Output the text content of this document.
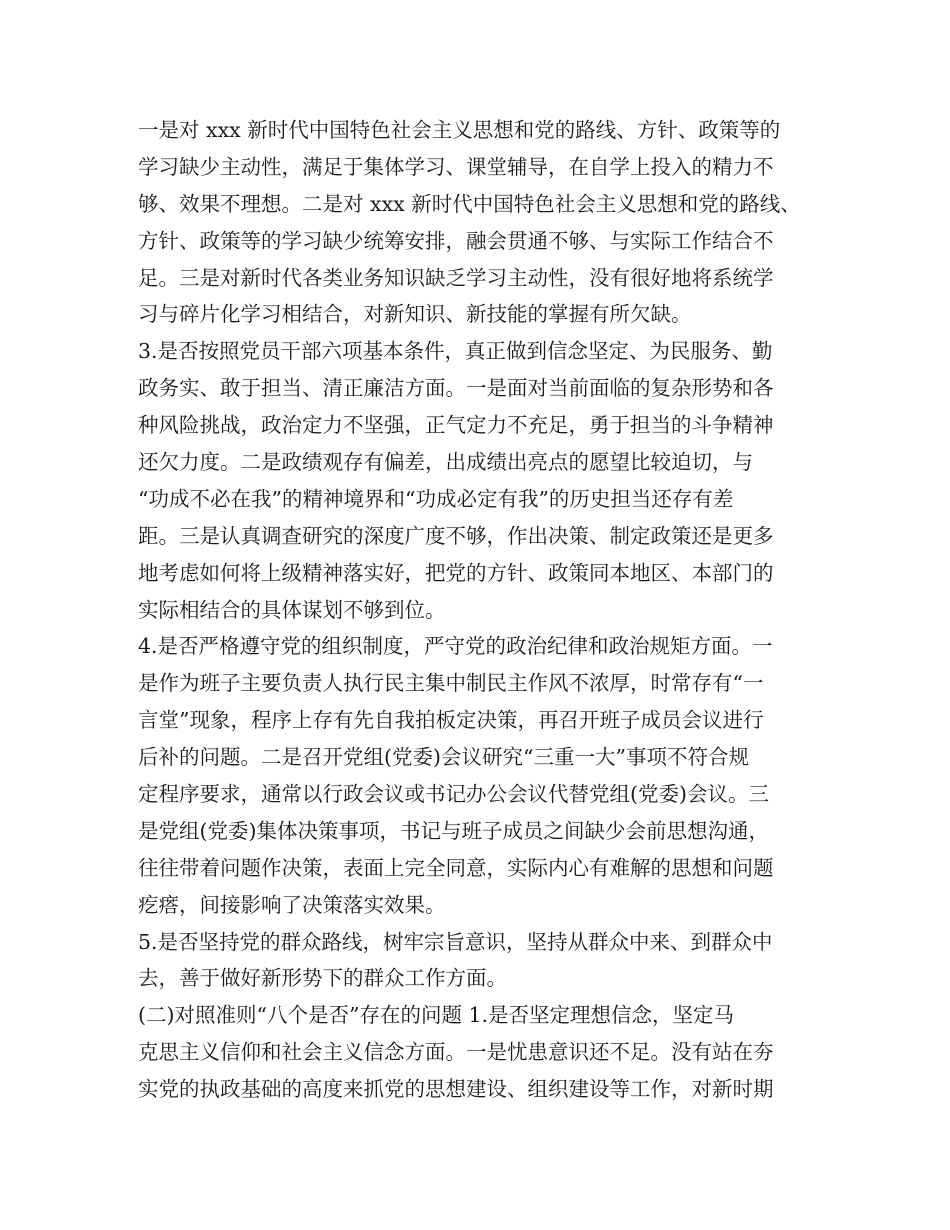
一是对 xxx 新时代中国特色社会主义思想和党的路线、方针、政策等的
学习缺少主动性，满足于集体学习、课堂辅导，在自学上投入的精力不
够、效果不理想。二是对 xxx 新时代中国特色社会主义思想和党的路线、
方针、政策等的学习缺少统筹安排，融会贯通不够、与实际工作结合不
足。三是对新时代各类业务知识缺乏学习主动性，没有很好地将系统学
习与碎片化学习相结合，对新知识、新技能的掌握有所欠缺。
3.是否按照党员干部六项基本条件，真正做到信念坚定、为民服务、勤
政务实、敢于担当、清正廉洁方面。一是面对当前面临的复杂形势和各
种风险挑战，政治定力不坚强，正气定力不充足，勇于担当的斗争精神
还欠力度。二是政绩观存有偏差，出成绩出亮点的愿望比较迫切，与
“功成不必在我”的精神境界和“功成必定有我”的历史担当还存有差
距。三是认真调查研究的深度广度不够，作出决策、制定政策还是更多
地考虑如何将上级精神落实好，把党的方针、政策同本地区、本部门的
实际相结合的具体谋划不够到位。
4.是否严格遵守党的组织制度，严守党的政治纪律和政治规矩方面。一
是作为班子主要负责人执行民主集中制民主作风不浓厚，时常存有“一
言堂”现象，程序上存有先自我拍板定决策，再召开班子成员会议进行
后补的问题。二是召开党组(党委)会议研究“三重一大”事项不符合规
定程序要求，通常以行政会议或书记办公会议代替党组(党委)会议。三
是党组(党委)集体决策事项，书记与班子成员之间缺少会前思想沟通，
往往带着问题作决策，表面上完全同意，实际内心有难解的思想和问题
疙瘩，间接影响了决策落实效果。
5.是否坚持党的群众路线，树牢宗旨意识，坚持从群众中来、到群众中
去，善于做好新形势下的群众工作方面。
(二)对照准则“八个是否”存在的问题 1.是否坚定理想信念，坚定马
克思主义信仰和社会主义信念方面。一是忧患意识还不足。没有站在夯
实党的执政基础的高度来抓党的思想建设、组织建设等工作，对新时期
